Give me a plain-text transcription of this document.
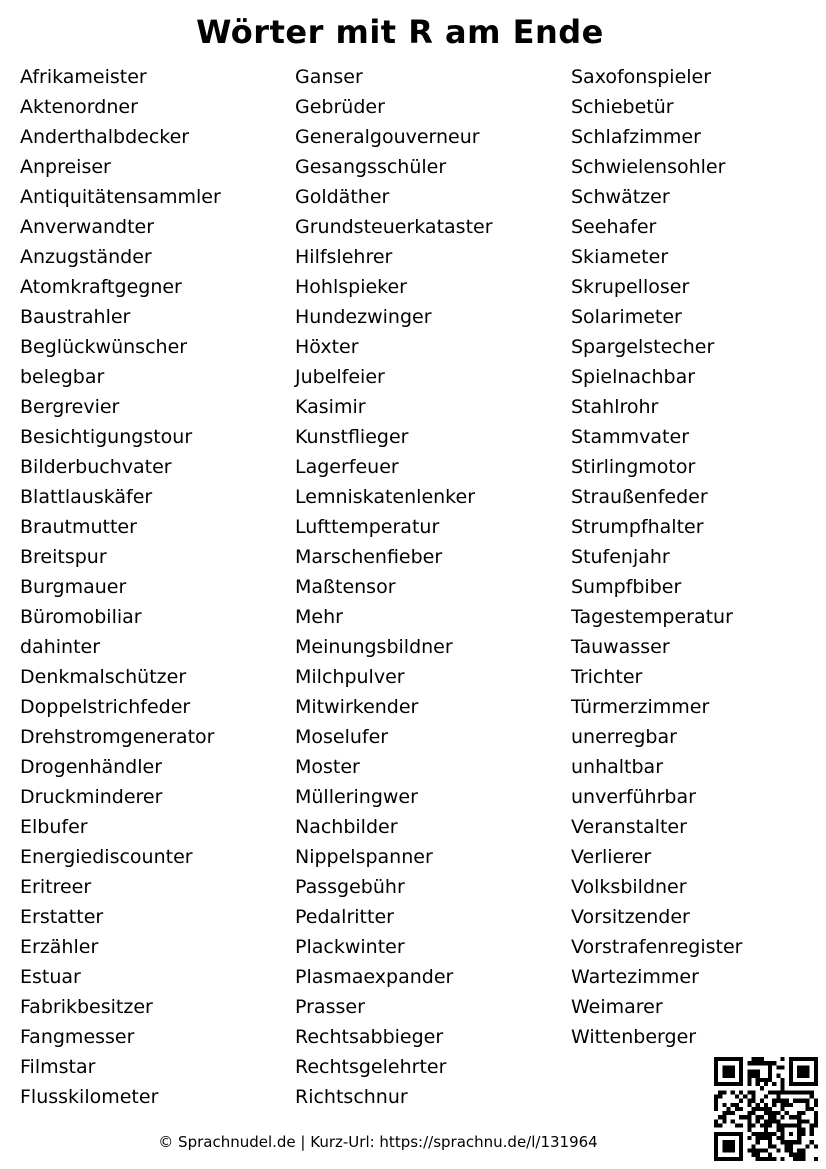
Wörter mit R am Ende
Afrikameister
Aktenordner
Anderthalbdecker
Anpreiser
Antiquitätensammler
Anverwandter
Anzugständer
Atomkraftgegner
Baustrahler
Beglückwünscher
belegbar
Bergrevier
Besichtigungstour
Bilderbuchvater
Blattlauskäfer
Brautmutter
Breitspur
Burgmauer
Büromobiliar
dahinter
Denkmalschützer
Doppelstrichfeder
Drehstromgenerator
Drogenhändler
Druckminderer
Elbufer
Energiediscounter
Eritreer
Erstatter
Erzähler
Estuar
Fabrikbesitzer
Fangmesser
Filmstar
Flusskilometer
Ganser
Gebrüder
Generalgouverneur
Gesangsschüler
Goldäther
Grundsteuerkataster
Hilfslehrer
Hohlspieker
Hundezwinger
Höxter
Jubelfeier
Kasimir
Kunstflieger
Lagerfeuer
Lemniskatenlenker
Lufttemperatur
Marschenfieber
Maßtensor
Mehr
Meinungsbildner
Milchpulver
Mitwirkender
Moselufer
Moster
Mülleringwer
Nachbilder
Nippelspanner
Passgebühr
Pedalritter
Plackwinter
Plasmaexpander
Prasser
Rechtsabbieger
Rechtsgelehrter
Richtschnur
Saxofonspieler
Schiebetür
Schlafzimmer
Schwielensohler
Schwätzer
Seehafer
Skiameter
Skrupelloser
Solarimeter
Spargelstecher
Spielnachbar
Stahlrohr
Stammvater
Stirlingmotor
Straußenfeder
Strumpfhalter
Stufenjahr
Sumpfbiber
Tagestemperatur
Tauwasser
Trichter
Türmerzimmer
unerregbar
unhaltbar
unverführbar
Veranstalter
Verlierer
Volksbildner
Vorsitzender
Vorstrafenregister
Wartezimmer
Weimarer
Wittenberger
© Sprachnudel.de | Kurz-Url: https://sprachnu.de/l/131964
